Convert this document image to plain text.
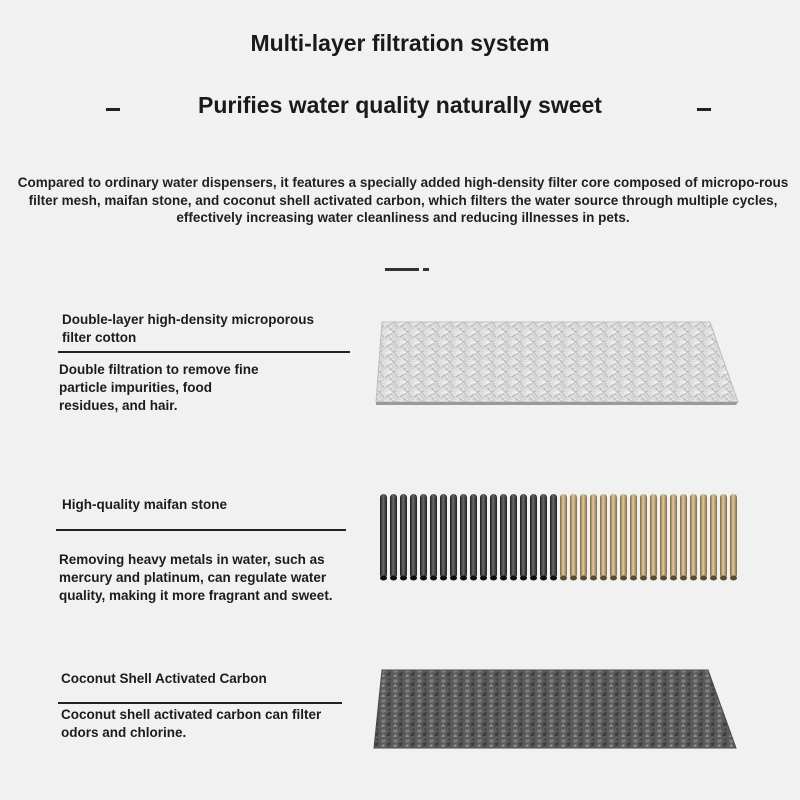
Multi-layer filtration system
Purifies water quality naturally sweet
Compared to ordinary water dispensers, it features a specially added high-density filter core composed of micropo-rous filter mesh, maifan stone, and coconut shell activated carbon, which filters the water source through multiple cycles, effectively increasing water cleanliness and reducing illnesses in pets.
Double-layer high-density microporous filter cotton
Double filtration to remove fine particle impurities, food residues, and hair.
High-quality maifan stone
Removing heavy metals in water, such as mercury and platinum, can regulate water quality, making it more fragrant and sweet.
Coconut Shell Activated Carbon
Coconut shell activated carbon can filter odors and chlorine.
